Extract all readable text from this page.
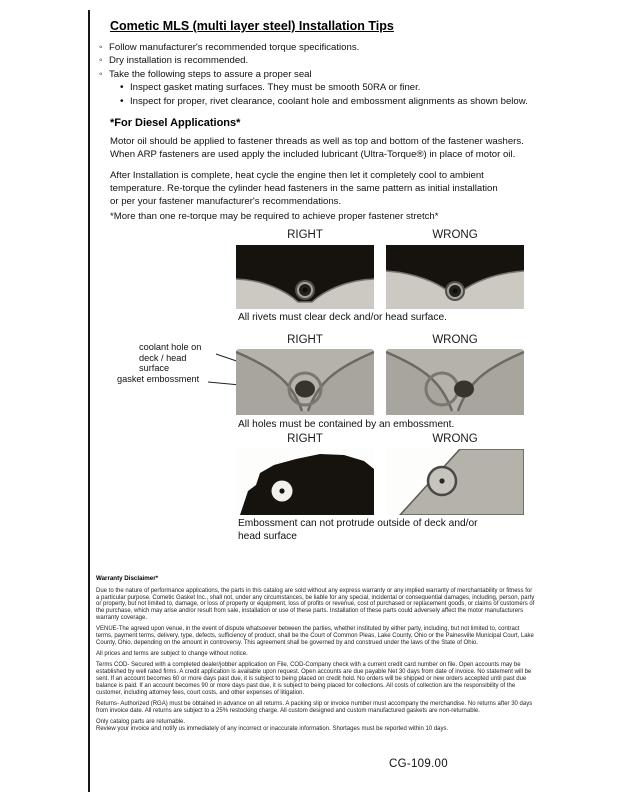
Cometic MLS (multi layer steel) Installation Tips
◦
Follow manufacturer's recommended torque specifications.
◦
Dry installation is recommended.
◦
Take the following steps to assure a proper seal
•
Inspect gasket mating surfaces. They must be smooth 50RA or finer.
•
Inspect for proper, rivet clearance, coolant hole and embossment alignments as shown below.
*For Diesel Applications*
Motor oil should be applied to fastener threads as well as top and bottom of the fastener washers.
When ARP fasteners are used apply the included lubricant (Ultra-Torque®) in place of motor oil.
After Installation is complete, heat cycle the engine then let it completely cool to ambient
temperature. Re-torque the cylinder head fasteners in the same pattern as initial installation
or per your fastener manufacturer's recommendations.
*More than one re-torque may be required to achieve proper fastener stretch*
RIGHT	WRONG
All rivets must clear deck and/or head surface.
RIGHT	WRONG
coolant hole on deck / head surface
gasket embossment
All holes must be contained by an embossment.
RIGHT	WRONG
Embossment can not protrude outside of deck and/or head surface
Warranty Disclaimer*

Due to the nature of performance applications, the parts in this catalog are sold without any express warranty or any implied warranty of merchantability or fitness for a particular purpose. Cometic Gasket Inc., shall not, under any circumstances, be liable for any special, incidental or consequential damages, including, person, party or property, but not limited to, damage, or loss of property or equipment, loss of profits or revenue, cost of purchased or replacement goods, or claims of customers of the purchase, which may arise and/or result from sale, installation or use of these parts. Installation of these parts could adversely affect the motor manufacturers warranty coverage.

VENUE-The agreed upon venue, in the event of dispute whatsoever between the parties, whether instituted by either party, including, but not limited to, contract terms, payment terms, delivery, type, defects, sufficiency of product, shall be the Court of Common Pleas, Lake County, Ohio or the Painesville Municipal Court, Lake County, Ohio, depending on the amount in controversy. This agreement shall be governed by and construed under the laws of the State of Ohio.

All prices and terms are subject to change without notice.

Terms COD- Secured with a completed dealer/jobber application on File, COD-Company check with a current credit card number on file. Open accounts may be established by well rated firms. A credit application is available upon request. Open accounts are due payable Net 30 days from date of invoice. No statement will be sent. If an account becomes 60 or more days past due, it is subject to being placed on credit hold. No orders will be shipped or new orders accepted until past due balance is paid. If an account becomes 90 or more days past due, it is subject to being placed for collections. All costs of collection are the responsibility of the customer, including attorney fees, court costs, and other expenses of litigation.

Returns- Authorized (RGA) must be obtained in advance on all returns. A packing slip or invoice number must accompany the merchandise. No returns after 30 days from invoice date. All returns are subject to a 25% restocking charge. All custom designed and custom manufactured gaskets are non-returnable.

Only catalog parts are returnable.

Review your invoice and notify us immediately of any incorrect or inaccurate information. Shortages must be reported within 10 days.

CG-109.00
